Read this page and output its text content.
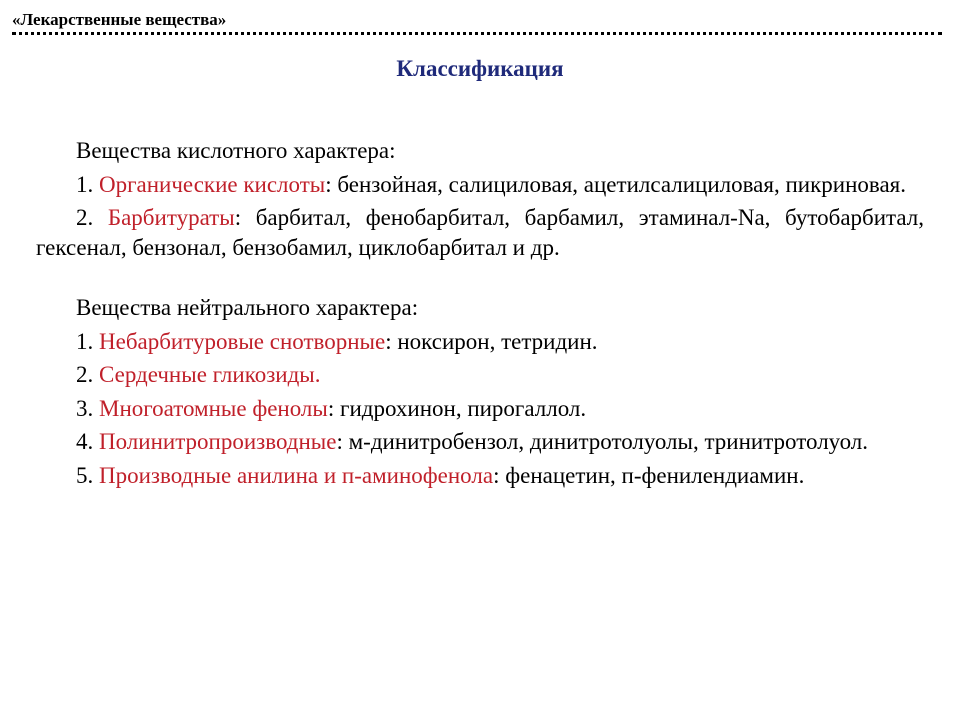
«Лекарственные вещества»
Классификация

Вещества кислотного характера:

1. Органические кислоты: бензойная, салициловая, ацетилсалициловая, пикриновая.

2. Барбитураты: барбитал, фенобарбитал, барбамил, этаминал-Na, бутобарбитал, гексенал, бензонал, бензобамил, циклобарбитал и др.

Вещества нейтрального характера:

1. Небарбитуровые снотворные: ноксирон, тетридин.

2. Сердечные гликозиды.

3. Многоатомные фенолы: гидрохинон, пирогаллол.

4. Полинитропроизводные: м-динитробензол, динитротолуолы, тринитротолуол.

5. Производные анилина и п-аминофенола: фенацетин, п-фенилендиамин.
